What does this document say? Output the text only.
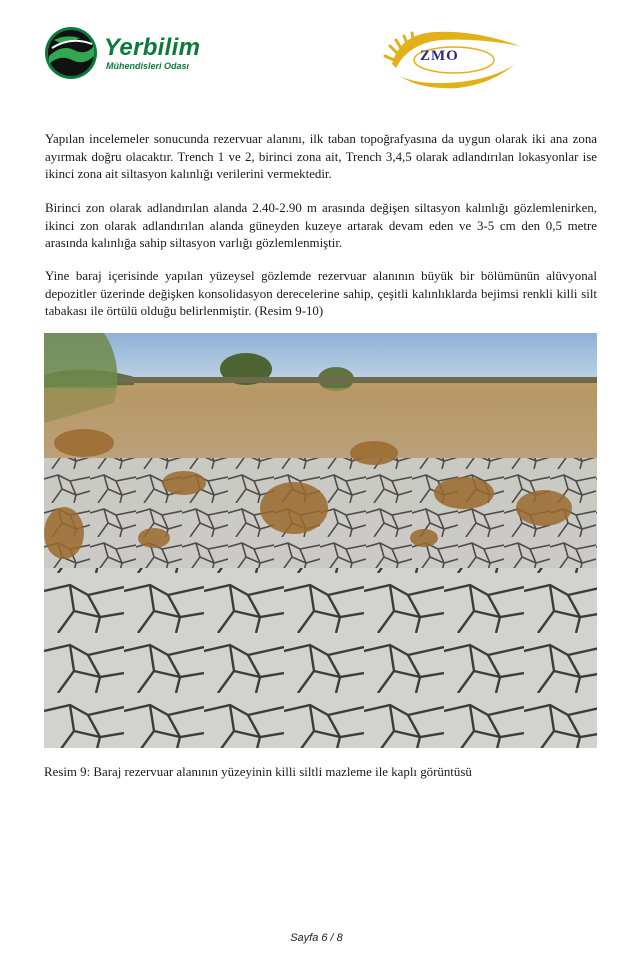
Yerbilim
Mühendisleri Odası
ZMO

Yapılan incelemeler sonucunda rezervuar alanını, ilk taban topoğrafyasına da uygun olarak iki ana zona ayırmak doğru olacaktır. Trench 1 ve 2, birinci zona ait, Trench 3,4,5 olarak adlandırılan lokasyonlar ise ikinci zona ait siltasyon kalınlığı verilerini vermektedir.

Birinci zon olarak adlandırılan alanda 2.40-2.90 m arasında değişen siltasyon kalınlığı gözlemlenirken, ikinci zon olarak adlandırılan alanda güneyden kuzeye artarak devam eden ve 3-5 cm den 0,5 metre arasında kalınlığa sahip siltasyon varlığı gözlemlenmiştir.

Yine baraj içerisinde yapılan yüzeysel gözlemde rezervuar alanının büyük bir bölümünün alüvyonal depozitler üzerinde değişken konsolidasyon derecelerine sahip, çeşitli kalınlıklarda bejimsi renkli killi silt tabakası ile örtülü olduğu belirlenmiştir. (Resim 9-10)

Resim 9: Baraj rezervuar alanının yüzeyinin killi siltli mazleme ile kaplı görüntüsü

Sayfa 6 / 8
